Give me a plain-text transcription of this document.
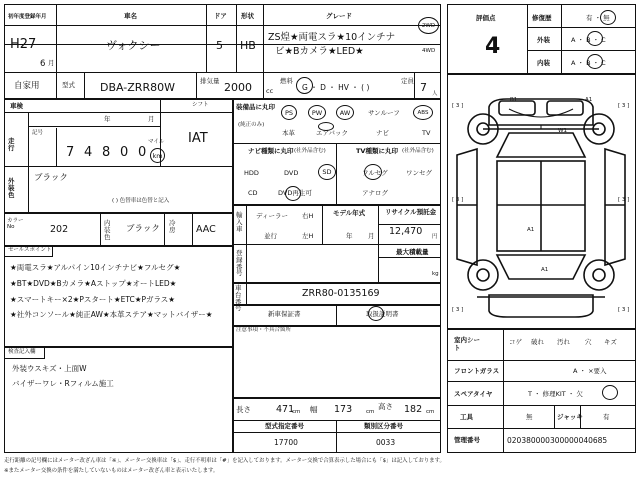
初年度登録年月
H27
6 月
車名
ヴォクシー
ドア
5
形状
HB
グレード
ZS煌★両電スラ★10インチナ
ビ★Bカメラ★LED★
2WD
4WD
自家用	型式 DBA-ZRR80W	排気量 2000 cc
燃料
G ・ D ・ HV ・ ( )
定員 7 人
車検
年	月
シフト
IAT
走行
記号
7 4 8 0 0
マイル
km
外装色
ブラック
( ) 色替車は色替と記入
カラーNo	202
内装色
ブラック
冷房 AAC
セールスポイント
★両電スラ★アルパイン10インチナビ★フルセグ★
★BT★DVD★Bカメラ★Aストップ★オートLED★
★スマートキー×2★Pスタート★ETC★Pガラス★
★社外コンソール★純正AW★本革ステア★マットバイザー★
検査記入欄
外装ウスキズ・上面W
バイザーワレ・Rフィルム施工
装備品に丸印
(純正のみ)
PS	PW	AW	サンルーフ	ABS
本革	エアバック	ナビ	TV
ナビ種類に丸印 (社外品含む)
HDD	DVD	SD
CD	DVD再生可
TV種類に丸印 (社外品含む)
フルセグ	ワンセグ
アナログ
輸入車
ディーラー
並行
右H
左H
モデル年式
年 月
リサイクル預託金
12,470 円
登録番号
最大積載量
kg
車台番号
ZRR80-0135169
新車保証書	取扱説明書
注意事項・不具合箇所
長さ	471
cm 幅 173	cm
高さ 182 cm
型式指定番号
17700
類別区分番号
0033
評価点
4
修復歴	有 ・ 無
外装	A ・ B ・ C
内装	A ・ B ・ C
B1	A1
W1
A1
A1
[ 3 ]	[ 3 ]
[ 3 ]	[ 3 ]
[ 3 ]	[ 3 ]
室内シート
コゲ 破れ 汚れ 穴 キズ
フロントガラス	A ・ ×要入
スペアタイヤ	T ・ 修理KIT ・ 欠
工具	無	ジャッキ	有
管理番号	020380000300000040685
走行距離の記号欄にはメーター改ざん車は「※」、メーター交換車は「$」、走行不明車は「#」を記入しております。メーター交換で合算表示した場合にも「$」は記入しております。
※またメーター交換の条件を満たしていないものはメーター改ざん車と表示いたします。
